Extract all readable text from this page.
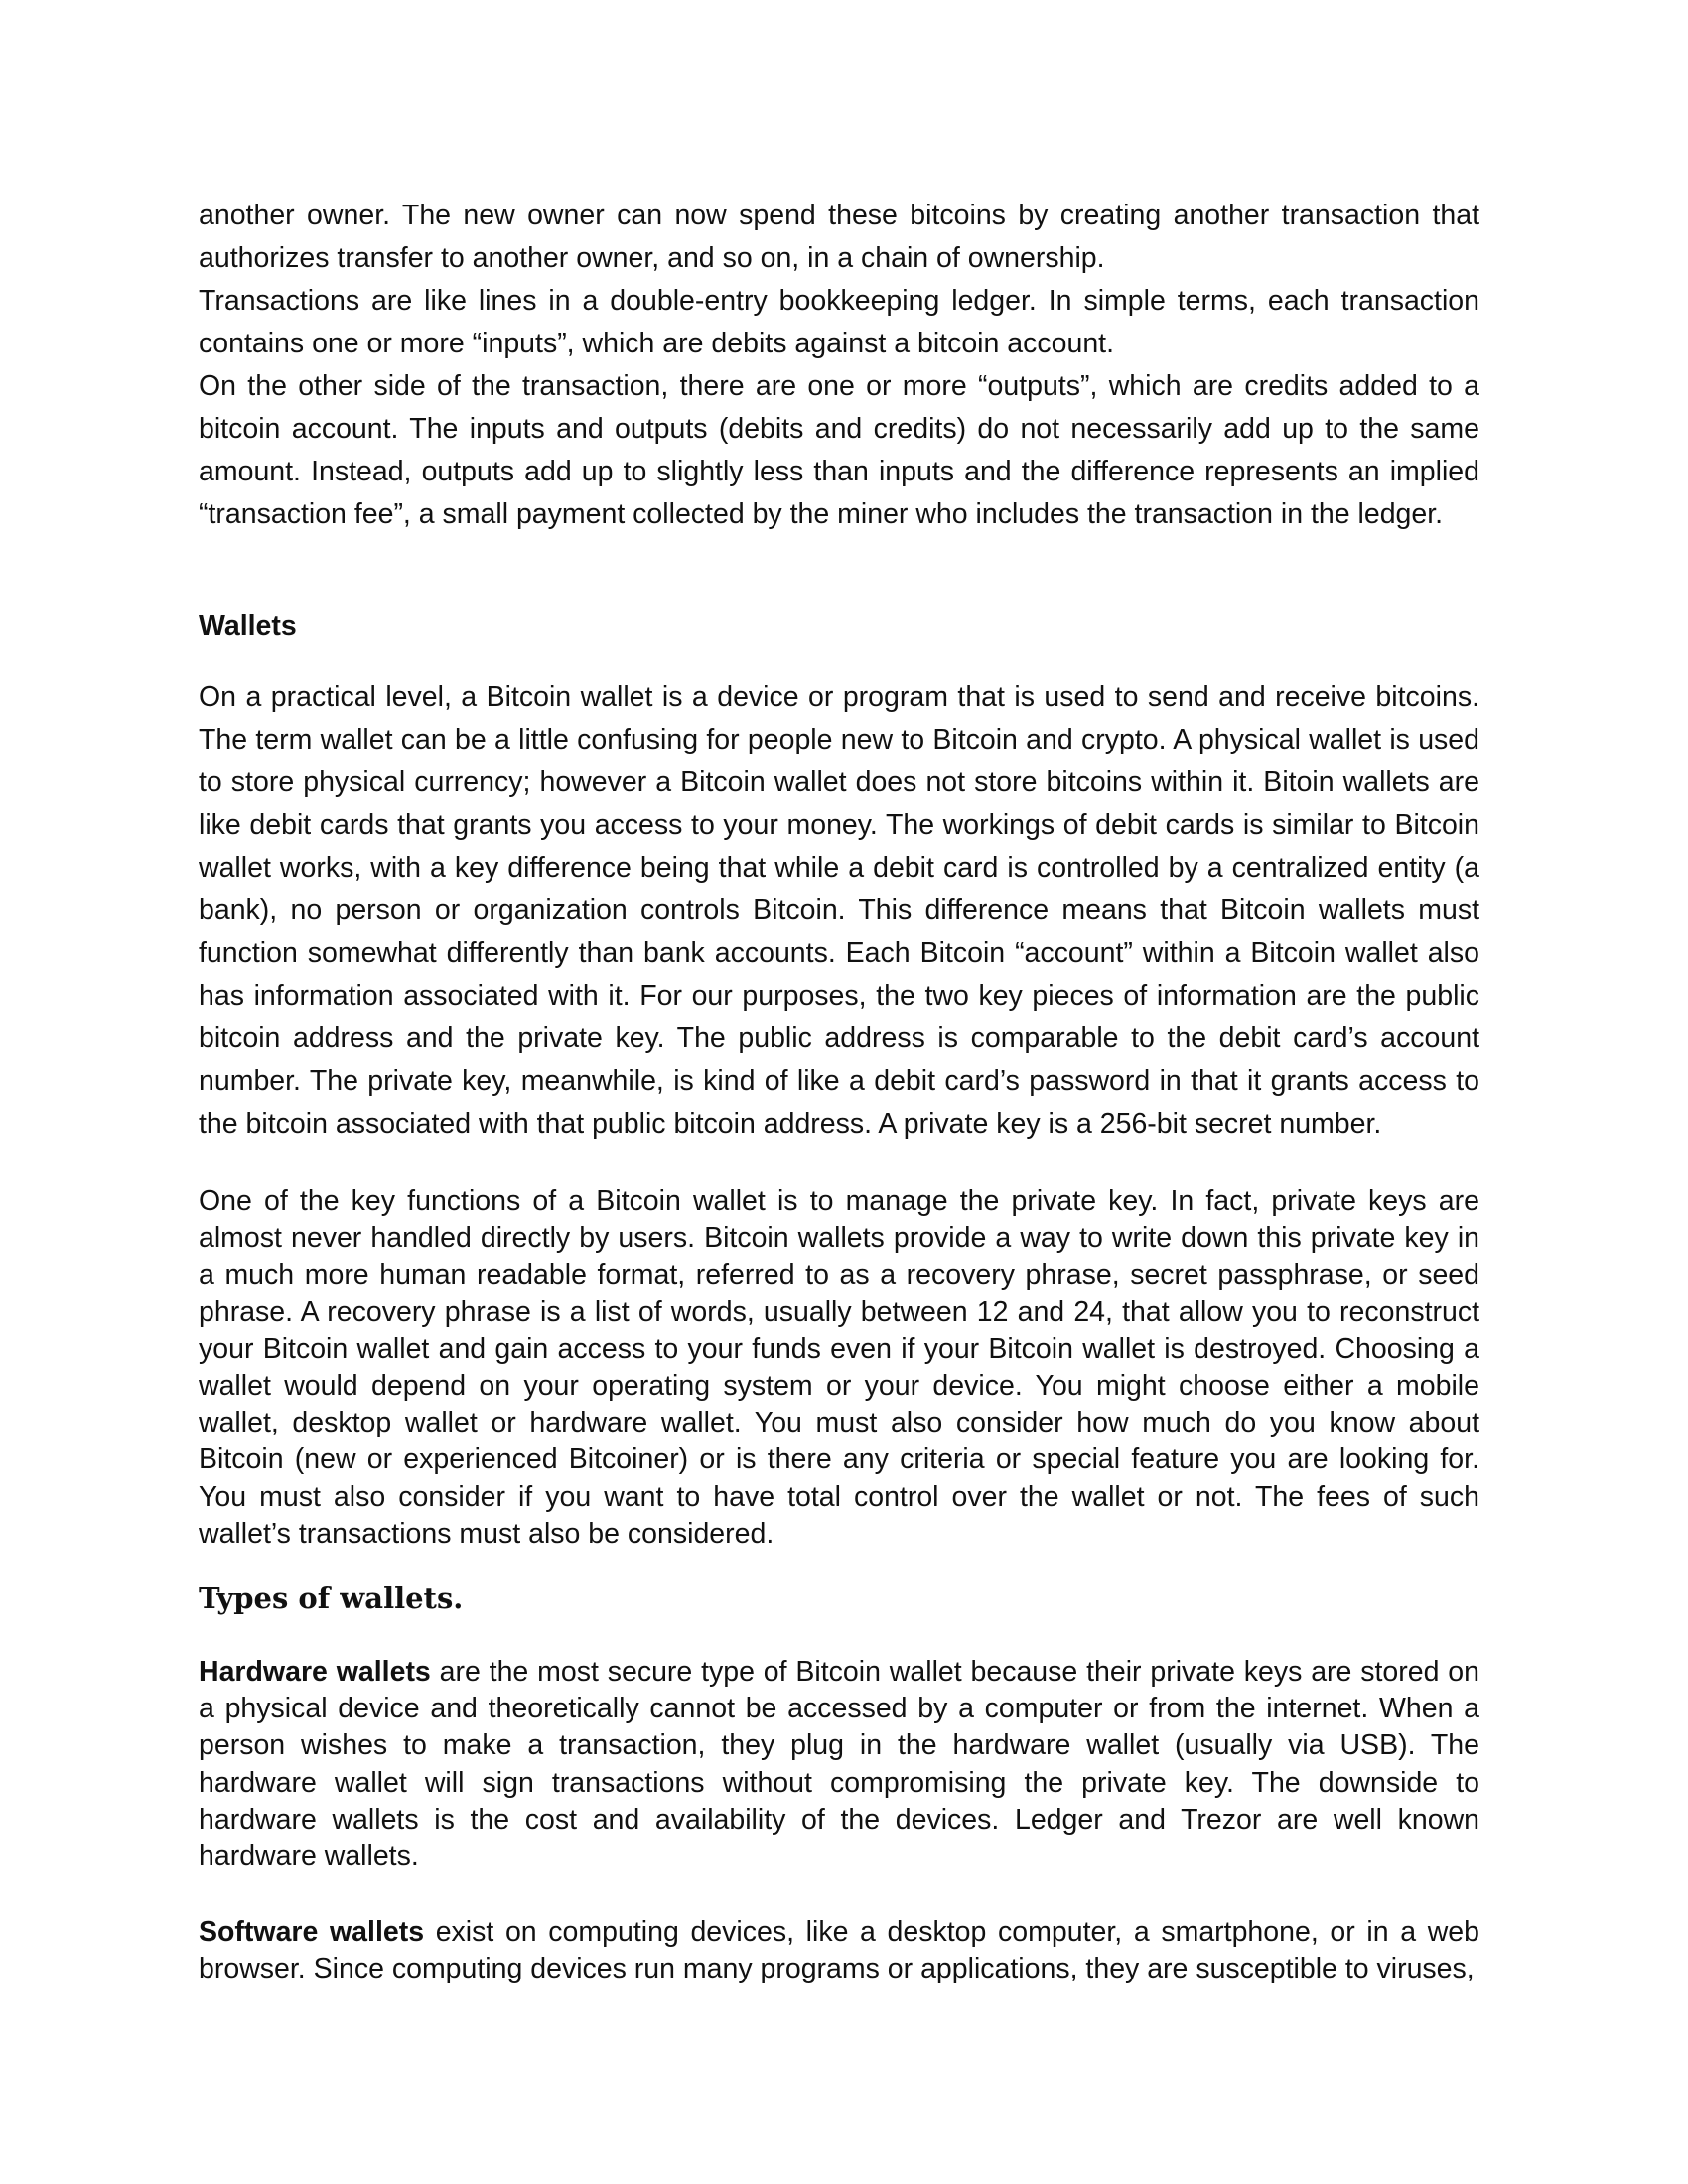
another owner. The new owner can now spend these bitcoins by creating another transaction that authorizes transfer to another owner, and so on, in a chain of ownership.

Transactions are like lines in a double-entry bookkeeping ledger. In simple terms, each transaction contains one or more “inputs”, which are debits against a bitcoin account.

On the other side of the transaction, there are one or more “outputs”, which are credits added to a bitcoin account. The inputs and outputs (debits and credits) do not necessarily add up to the same amount. Instead, outputs add up to slightly less than inputs and the difference represents an implied “transaction fee”, a small payment collected by the miner who includes the transaction in the ledger.

Wallets

On a practical level, a Bitcoin wallet is a device or program that is used to send and receive bitcoins. The term wallet can be a little confusing for people new to Bitcoin and crypto. A physical wallet is used to store physical currency; however a Bitcoin wallet does not store bitcoins within it. Bitoin wallets are like debit cards that grants you access to your money. The workings of debit cards is similar to Bitcoin wallet works, with a key difference being that while a debit card is controlled by a centralized entity (a bank), no person or organization controls Bitcoin. This difference means that Bitcoin wallets must function somewhat differently than bank accounts. Each Bitcoin “account” within a Bitcoin wallet also has information associated with it. For our purposes, the two key pieces of information are the public bitcoin address and the private key. The public address is comparable to the debit card’s account number. The private key, meanwhile, is kind of like a debit card’s password in that it grants access to the bitcoin associated with that public bitcoin address. A private key is a 256-bit secret number.

One of the key functions of a Bitcoin wallet is to manage the private key. In fact, private keys are almost never handled directly by users. Bitcoin wallets provide a way to write down this private key in a much more human readable format, referred to as a recovery phrase, secret passphrase, or seed phrase. A recovery phrase is a list of words, usually between 12 and 24, that allow you to reconstruct your Bitcoin wallet and gain access to your funds even if your Bitcoin wallet is destroyed. Choosing a wallet would depend on your operating system or your device. You might choose either a mobile wallet, desktop wallet or hardware wallet. You must also consider how much do you know about Bitcoin (new or experienced Bitcoiner) or is there any criteria or special feature you are looking for. You must also consider if you want to have total control over the wallet or not. The fees of such wallet’s transactions must also be considered.

Types of wallets.

Hardware wallets are the most secure type of Bitcoin wallet because their private keys are stored on a physical device and theoretically cannot be accessed by a computer or from the internet. When a person wishes to make a transaction, they plug in the hardware wallet (usually via USB). The hardware wallet will sign transactions without compromising the private key. The downside to hardware wallets is the cost and availability of the devices. Ledger and Trezor are well known hardware wallets.

Software wallets exist on computing devices, like a desktop computer, a smartphone, or in a web browser. Since computing devices run many programs or applications, they are susceptible to viruses,
